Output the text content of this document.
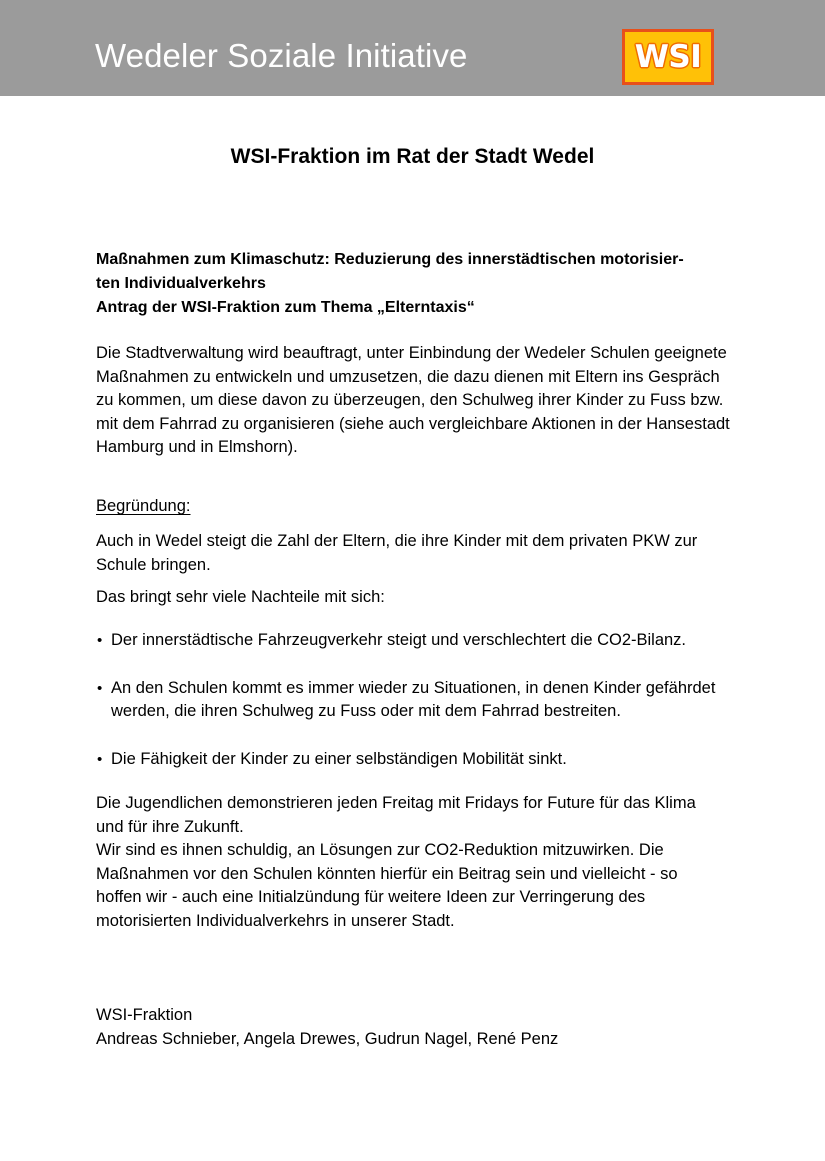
Wedeler Soziale Initiative	WSI
WSI-Fraktion im Rat der Stadt Wedel
Maßnahmen zum Klimaschutz: Reduzierung des innerstädtischen motorisier-
ten Individualverkehrs
Antrag der WSI-Fraktion zum Thema „Elterntaxis“

Die Stadtverwaltung wird beauftragt, unter Einbindung der Wedeler Schulen geeignete Maßnahmen zu entwickeln und umzusetzen, die dazu dienen mit Eltern ins Gespräch zu kommen, um diese davon zu überzeugen, den Schulweg ihrer Kinder zu Fuss bzw. mit dem Fahrrad zu organisieren (siehe auch vergleichbare Aktionen in der Hansestadt Hamburg und in Elmshorn).

Begründung:

Auch in Wedel steigt die Zahl der Eltern, die ihre Kinder mit dem privaten PKW zur Schule bringen.

Das bringt sehr viele Nachteile mit sich:

• Der innerstädtische Fahrzeugverkehr steigt und verschlechtert die CO2-Bilanz.
• An den Schulen kommt es immer wieder zu Situationen, in denen Kinder gefährdet werden, die ihren Schulweg zu Fuss oder mit dem Fahrrad bestreiten.
• Die Fähigkeit der Kinder zu einer selbständigen Mobilität sinkt.

Die Jugendlichen demonstrieren jeden Freitag mit Fridays for Future für das Klima und für ihre Zukunft.

Wir sind es ihnen schuldig, an Lösungen zur CO2-Reduktion mitzuwirken. Die Maßnahmen vor den Schulen könnten hierfür ein Beitrag sein und vielleicht - so hoffen wir - auch eine Initialzündung für weitere Ideen zur Verringerung des motorisierten Individualverkehrs in unserer Stadt.

WSI-Fraktion
Andreas Schnieber, Angela Drewes, Gudrun Nagel, René Penz
